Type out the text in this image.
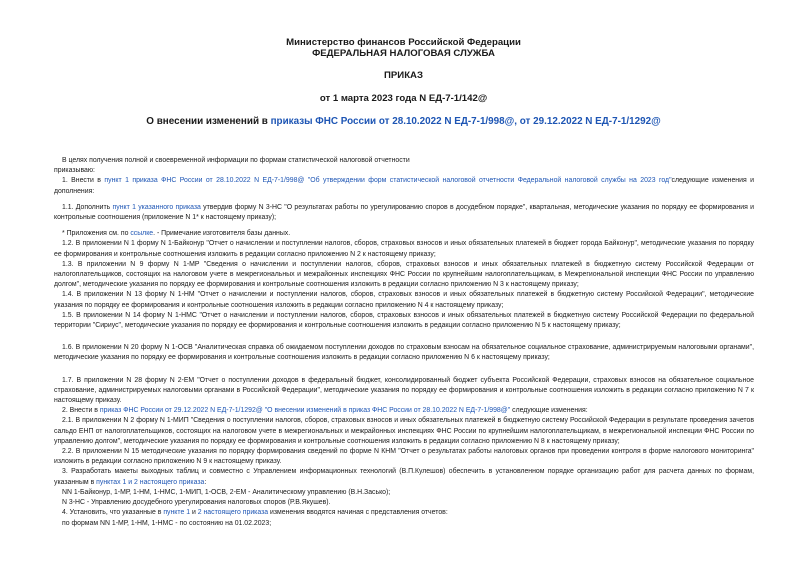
Министерство финансов Российской Федерации
ФЕДЕРАЛЬНАЯ НАЛОГОВАЯ СЛУЖБА
ПРИКАЗ
от 1 марта 2023 года N ЕД-7-1/142@
О внесении изменений в приказы ФНС России от 28.10.2022 N ЕД-7-1/998@, от 29.12.2022 N ЕД-7-1/1292@

В целях получения полной и своевременной информации по формам статистической налоговой отчетности

приказываю:

1. Внести в пункт 1 приказа ФНС России от 28.10.2022 N ЕД-7-1/998@ "Об утверждении форм статистической налоговой отчетности Федеральной налоговой службы на 2023 год"следующие изменения и дополнения:

1.1. Дополнить пункт 1 указанного приказа утвердив форму N 3-НС "О результатах работы по урегулированию споров в досудебном порядке", квартальная, методические указания по порядку ее формирования и контрольные соотношения (приложение N 1* к настоящему приказу);

* Приложения см. по ссылке. - Примечание изготовителя базы данных.

1.2. В приложении N 1 форму N 1-Байконур "Отчет о начислении и поступлении налогов, сборов, страховых взносов и иных обязательных платежей в бюджет города Байконур", методические указания по порядку ее формирования и контрольные соотношения изложить в редакции согласно приложению N 2 к настоящему приказу;

1.3. В приложении N 9 форму N 1-МР "Сведения о начислении и поступлении налогов, сборов, страховых взносов и иных обязательных платежей в бюджетную систему Российской Федерации от налогоплательщиков, состоящих на налоговом учете в межрегиональных и межрайонных инспекциях ФНС России по крупнейшим налогоплательщикам, в Межрегиональной инспекции ФНС России по управлению долгом", методические указания по порядку ее формирования и контрольные соотношения изложить в редакции согласно приложению N 3 к настоящему приказу;

1.4. В приложении N 13 форму N 1-НМ "Отчет о начислении и поступлении налогов, сборов, страховых взносов и иных обязательных платежей в бюджетную систему Российской Федерации", методические указания по порядку ее формирования и контрольные соотношения изложить в редакции согласно приложению N 4 к настоящему приказу;

1.5. В приложении N 14 форму N 1-НМС "Отчет о начислении и поступлении налогов, сборов, страховых взносов и иных обязательных платежей в бюджетную систему Российской Федерации по федеральной территории "Сириус", методические указания по порядку ее формирования и контрольные соотношения изложить в редакции согласно приложению N 5 к настоящему приказу;

1.6. В приложении N 20 форму N 1-ОСВ "Аналитическая справка об ожидаемом поступлении доходов по страховым взносам на обязательное социальное страхование, администрируемым налоговыми органами", методические указания по порядку ее формирования и контрольные соотношения изложить в редакции согласно приложению N 6 к настоящему приказу;

1.7. В приложении N 28 форму N 2-ЕМ "Отчет о поступлении доходов в федеральный бюджет, консолидированный бюджет субъекта Российской Федерации, страховых взносов на обязательное социальное страхование, администрируемых налоговыми органами в Российской Федерации", методические указания по порядку ее формирования и контрольные соотношения изложить в редакции согласно приложению N 7 к настоящему приказу.

2. Внести в приказ ФНС России от 29.12.2022 N ЕД-7-1/1292@ "О внесении изменений в приказ ФНС России от 28.10.2022 N ЕД-7-1/998@" следующие изменения:

2.1. В приложении N 2 форму N 1-МИП "Сведения о поступлении налогов, сборов, страховых взносов и иных обязательных платежей в бюджетную систему Российской Федерации в результате проведения зачетов сальдо ЕНП от налогоплательщиков, состоящих на налоговом учете в межрегиональных и межрайонных инспекциях ФНС России по крупнейшим налогоплательщикам, в межрегиональной инспекции ФНС России по управлению долгом", методические указания по порядку ее формирования и контрольные соотношения изложить в редакции согласно приложению N 8 к настоящему приказу;

2.2. В приложении N 15 методические указания по порядку формирования сведений по форме N КНМ "Отчет о результатах работы налоговых органов при проведении контроля в форме налогового мониторинга" изложить в редакции согласно приложению N 9 к настоящему приказу.

3. Разработать макеты выходных таблиц и совместно с Управлением информационных технологий (В.П.Кулешов) обеспечить в установленном порядке организацию работ для расчета данных по формам, указанным в пунктах 1 и 2 настоящего приказа:

NN 1-Байконур, 1-МР, 1-НМ, 1-НМС, 1-МИП, 1-ОСВ, 2-ЕМ - Аналитическому управлению (В.Н.Засько);

N 3-НС - Управлению досудебного урегулирования налоговых споров (Р.В.Якушев).

4. Установить, что указанные в пункте 1 и 2 настоящего приказа изменения вводятся начиная с представления отчетов:

по формам NN 1-МР, 1-НМ, 1-НМС - по состоянию на 01.02.2023;
